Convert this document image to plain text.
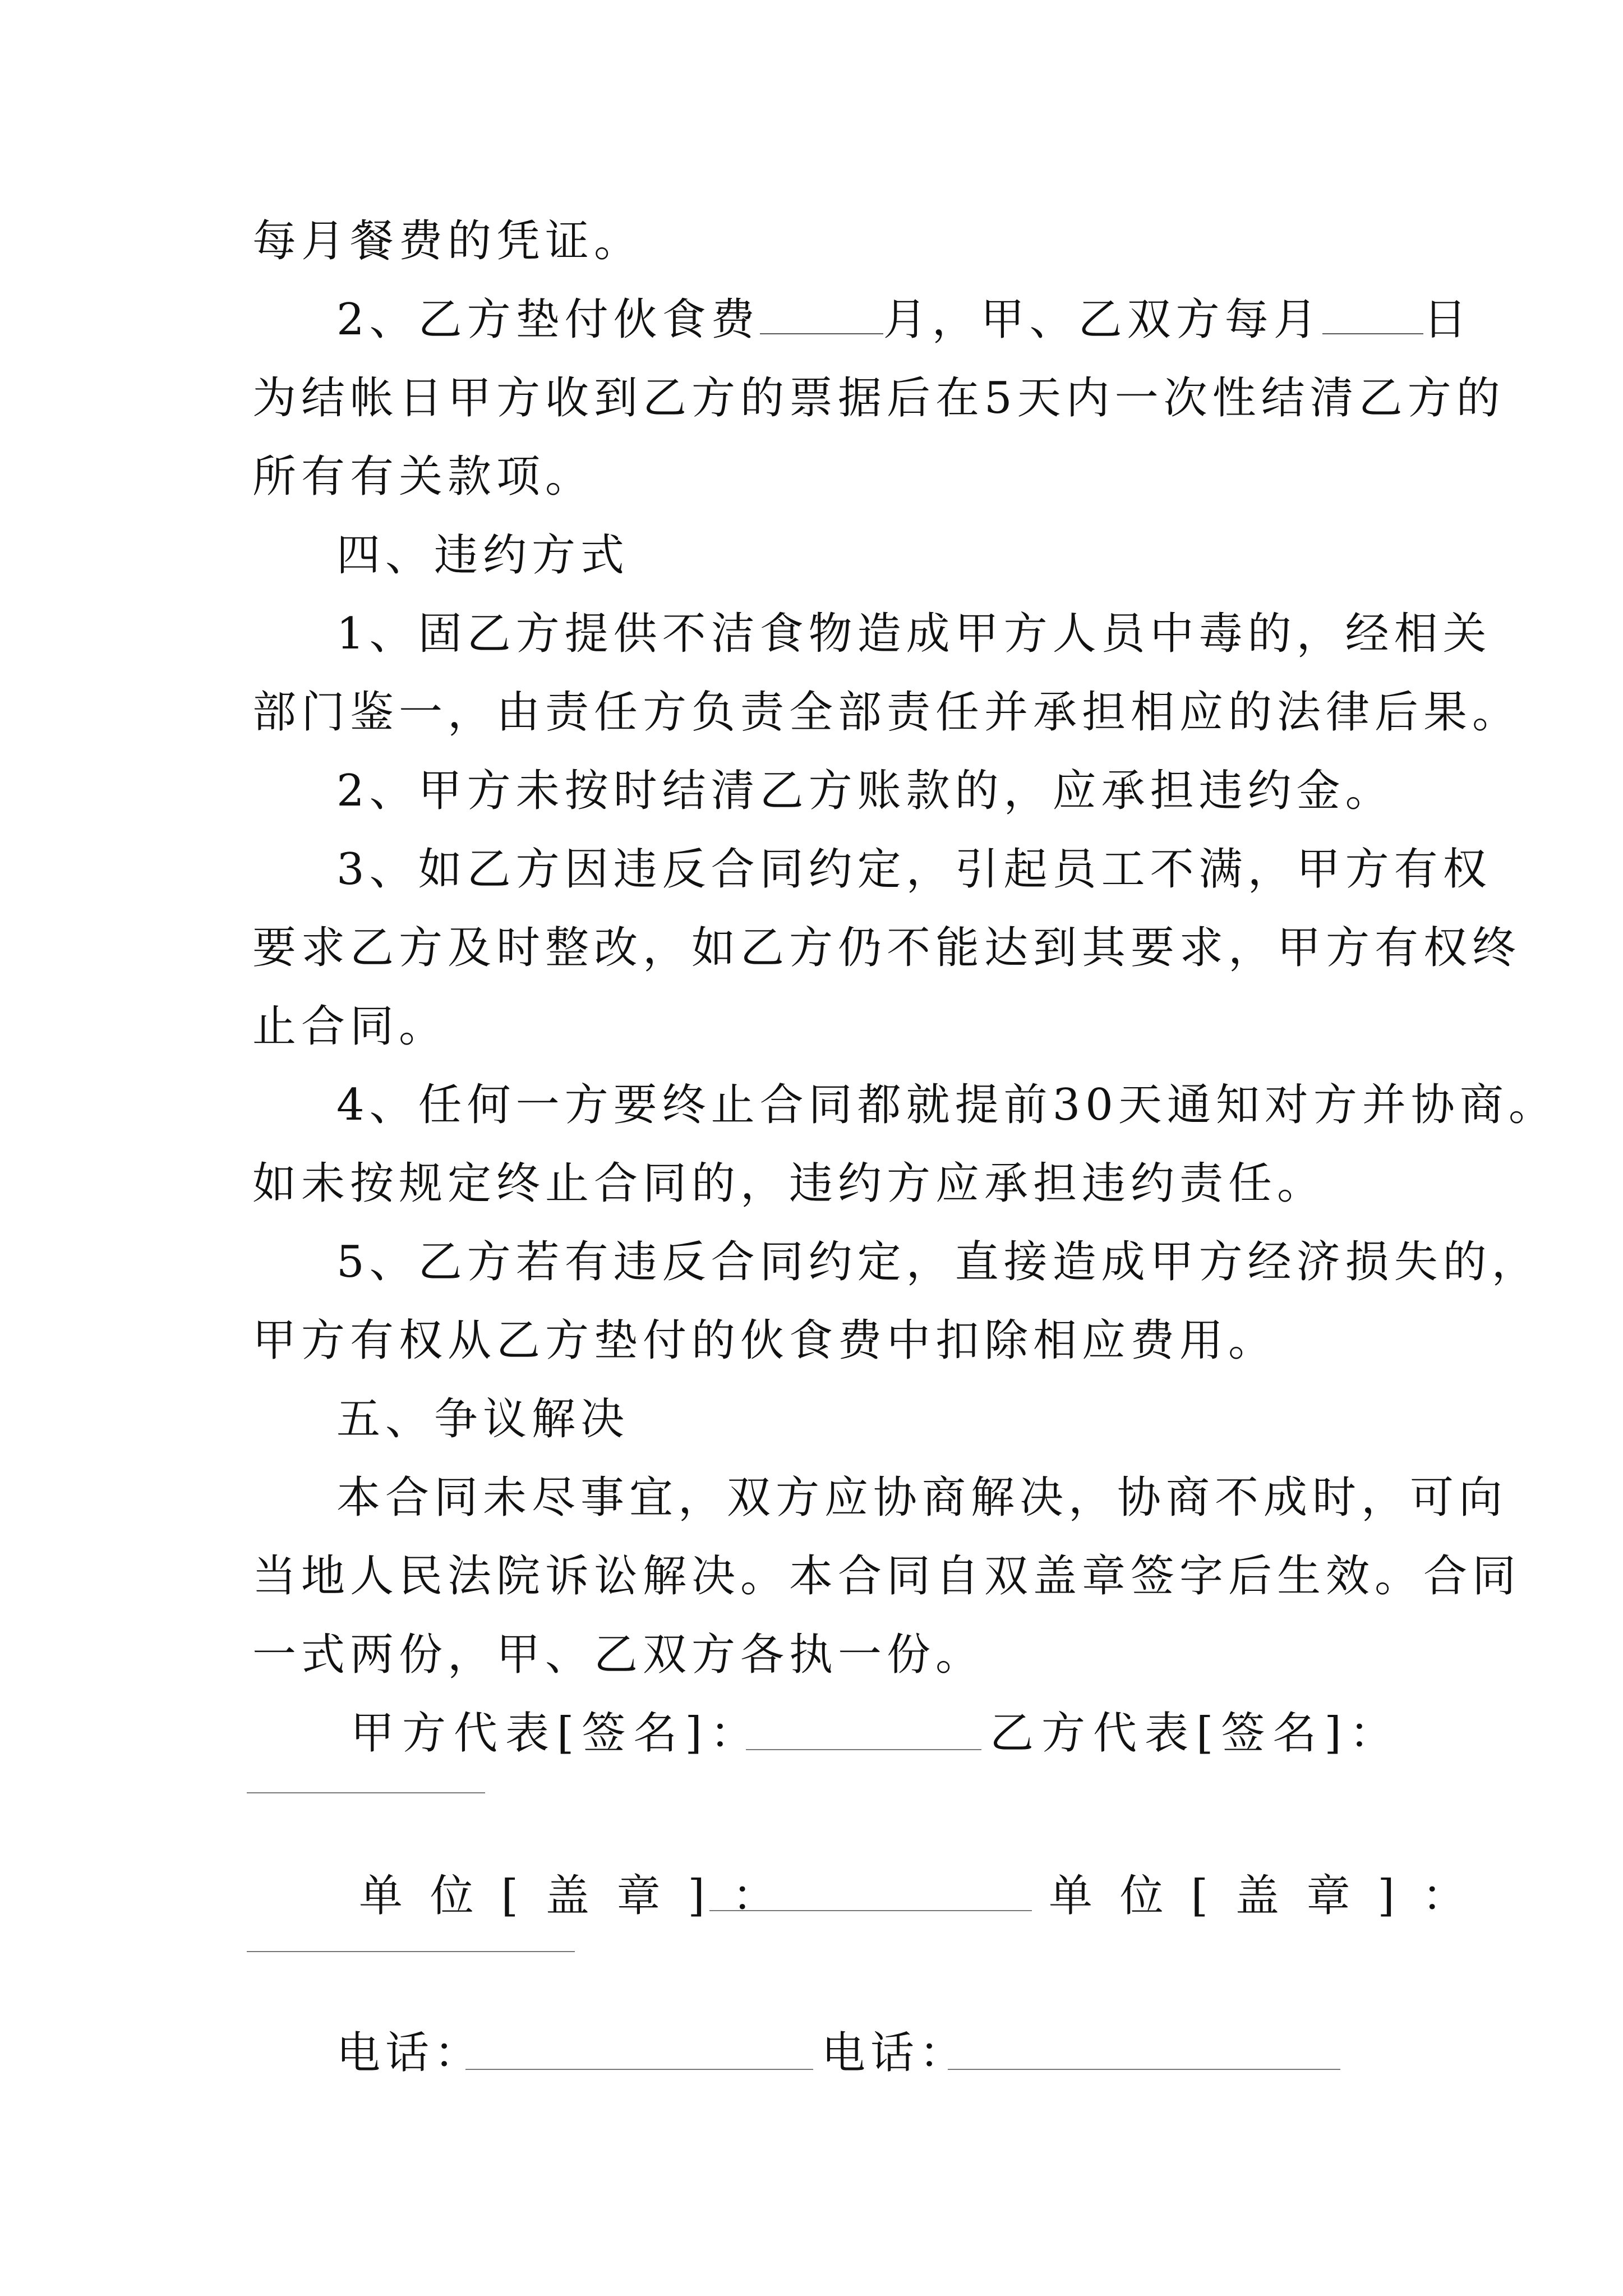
每月餐费的凭证。
2、乙方垫付伙食费	月，甲、乙双方每月 日
为结帐日甲方收到乙方的票据后在5天内一次性结清乙方的
所有有关款项。
四、违约方式
1、固乙方提供不洁食物造成甲方人员中毒的，经相关
部门鉴一，由责任方负责全部责任并承担相应的法律后果。
2、甲方未按时结清乙方账款的，应承担违约金。
3、如乙方因违反合同约定，引起员工不满，甲方有权
要求乙方及时整改，如乙方仍不能达到其要求，甲方有权终
止合同。
4、任何一方要终止合同都就提前30天通知对方并协商。
如未按规定终止合同的，违约方应承担违约责任。
5、乙方若有违反合同约定，直接造成甲方经济损失的，
甲方有权从乙方垫付的伙食费中扣除相应费用。
五、争议解决
本合同未尽事宜，双方应协商解决，协商不成时，可向
当地人民法院诉讼解决。本合同自双盖章签字后生效。合同
一式两份，甲、乙双方各执一份。
甲方代表[签名]：	乙方代表[签名]：
单 位 [ 盖 章 ] ：	单 位 [ 盖 章 ] ：
电话：	电话：
